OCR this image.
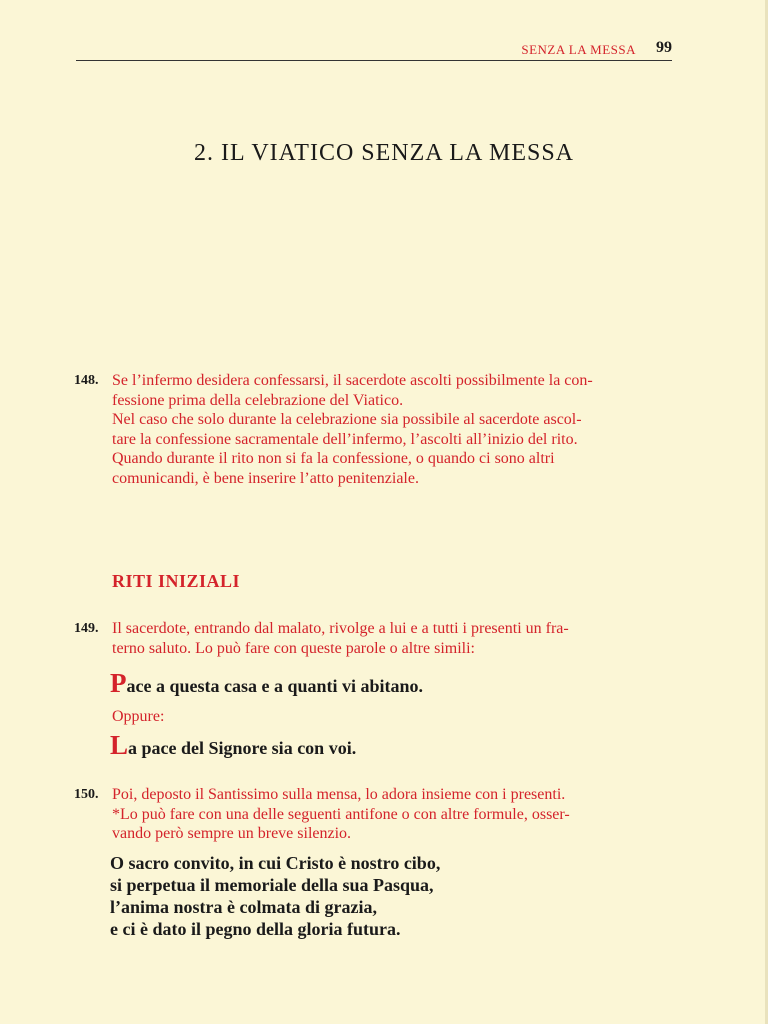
SENZA LA MESSA 99
2. IL VIATICO SENZA LA MESSA
148. Se l’infermo desidera confessarsi, il sacerdote ascolti possibilmente la con-
fessione prima della celebrazione del Viatico.
Nel caso che solo durante la celebrazione sia possibile al sacerdote ascol-
tare la confessione sacramentale dell’infermo, l’ascolti all’inizio del rito.
Quando durante il rito non si fa la confessione, o quando ci sono altri
comunicandi, è bene inserire l’atto penitenziale.
RITI INIZIALI
149. Il sacerdote, entrando dal malato, rivolge a lui e a tutti i presenti un fra-
terno saluto. Lo può fare con queste parole o altre simili:
Pace a questa casa e a quanti vi abitano.
Oppure:
La pace del Signore sia con voi.
150. Poi, deposto il Santissimo sulla mensa, lo adora insieme con i presenti.
*Lo può fare con una delle seguenti antifone o con altre formule, osser-
vando però sempre un breve silenzio.
O sacro convito, in cui Cristo è nostro cibo,
si perpetua il memoriale della sua Pasqua,
l’anima nostra è colmata di grazia,
e ci è dato il pegno della gloria futura.
